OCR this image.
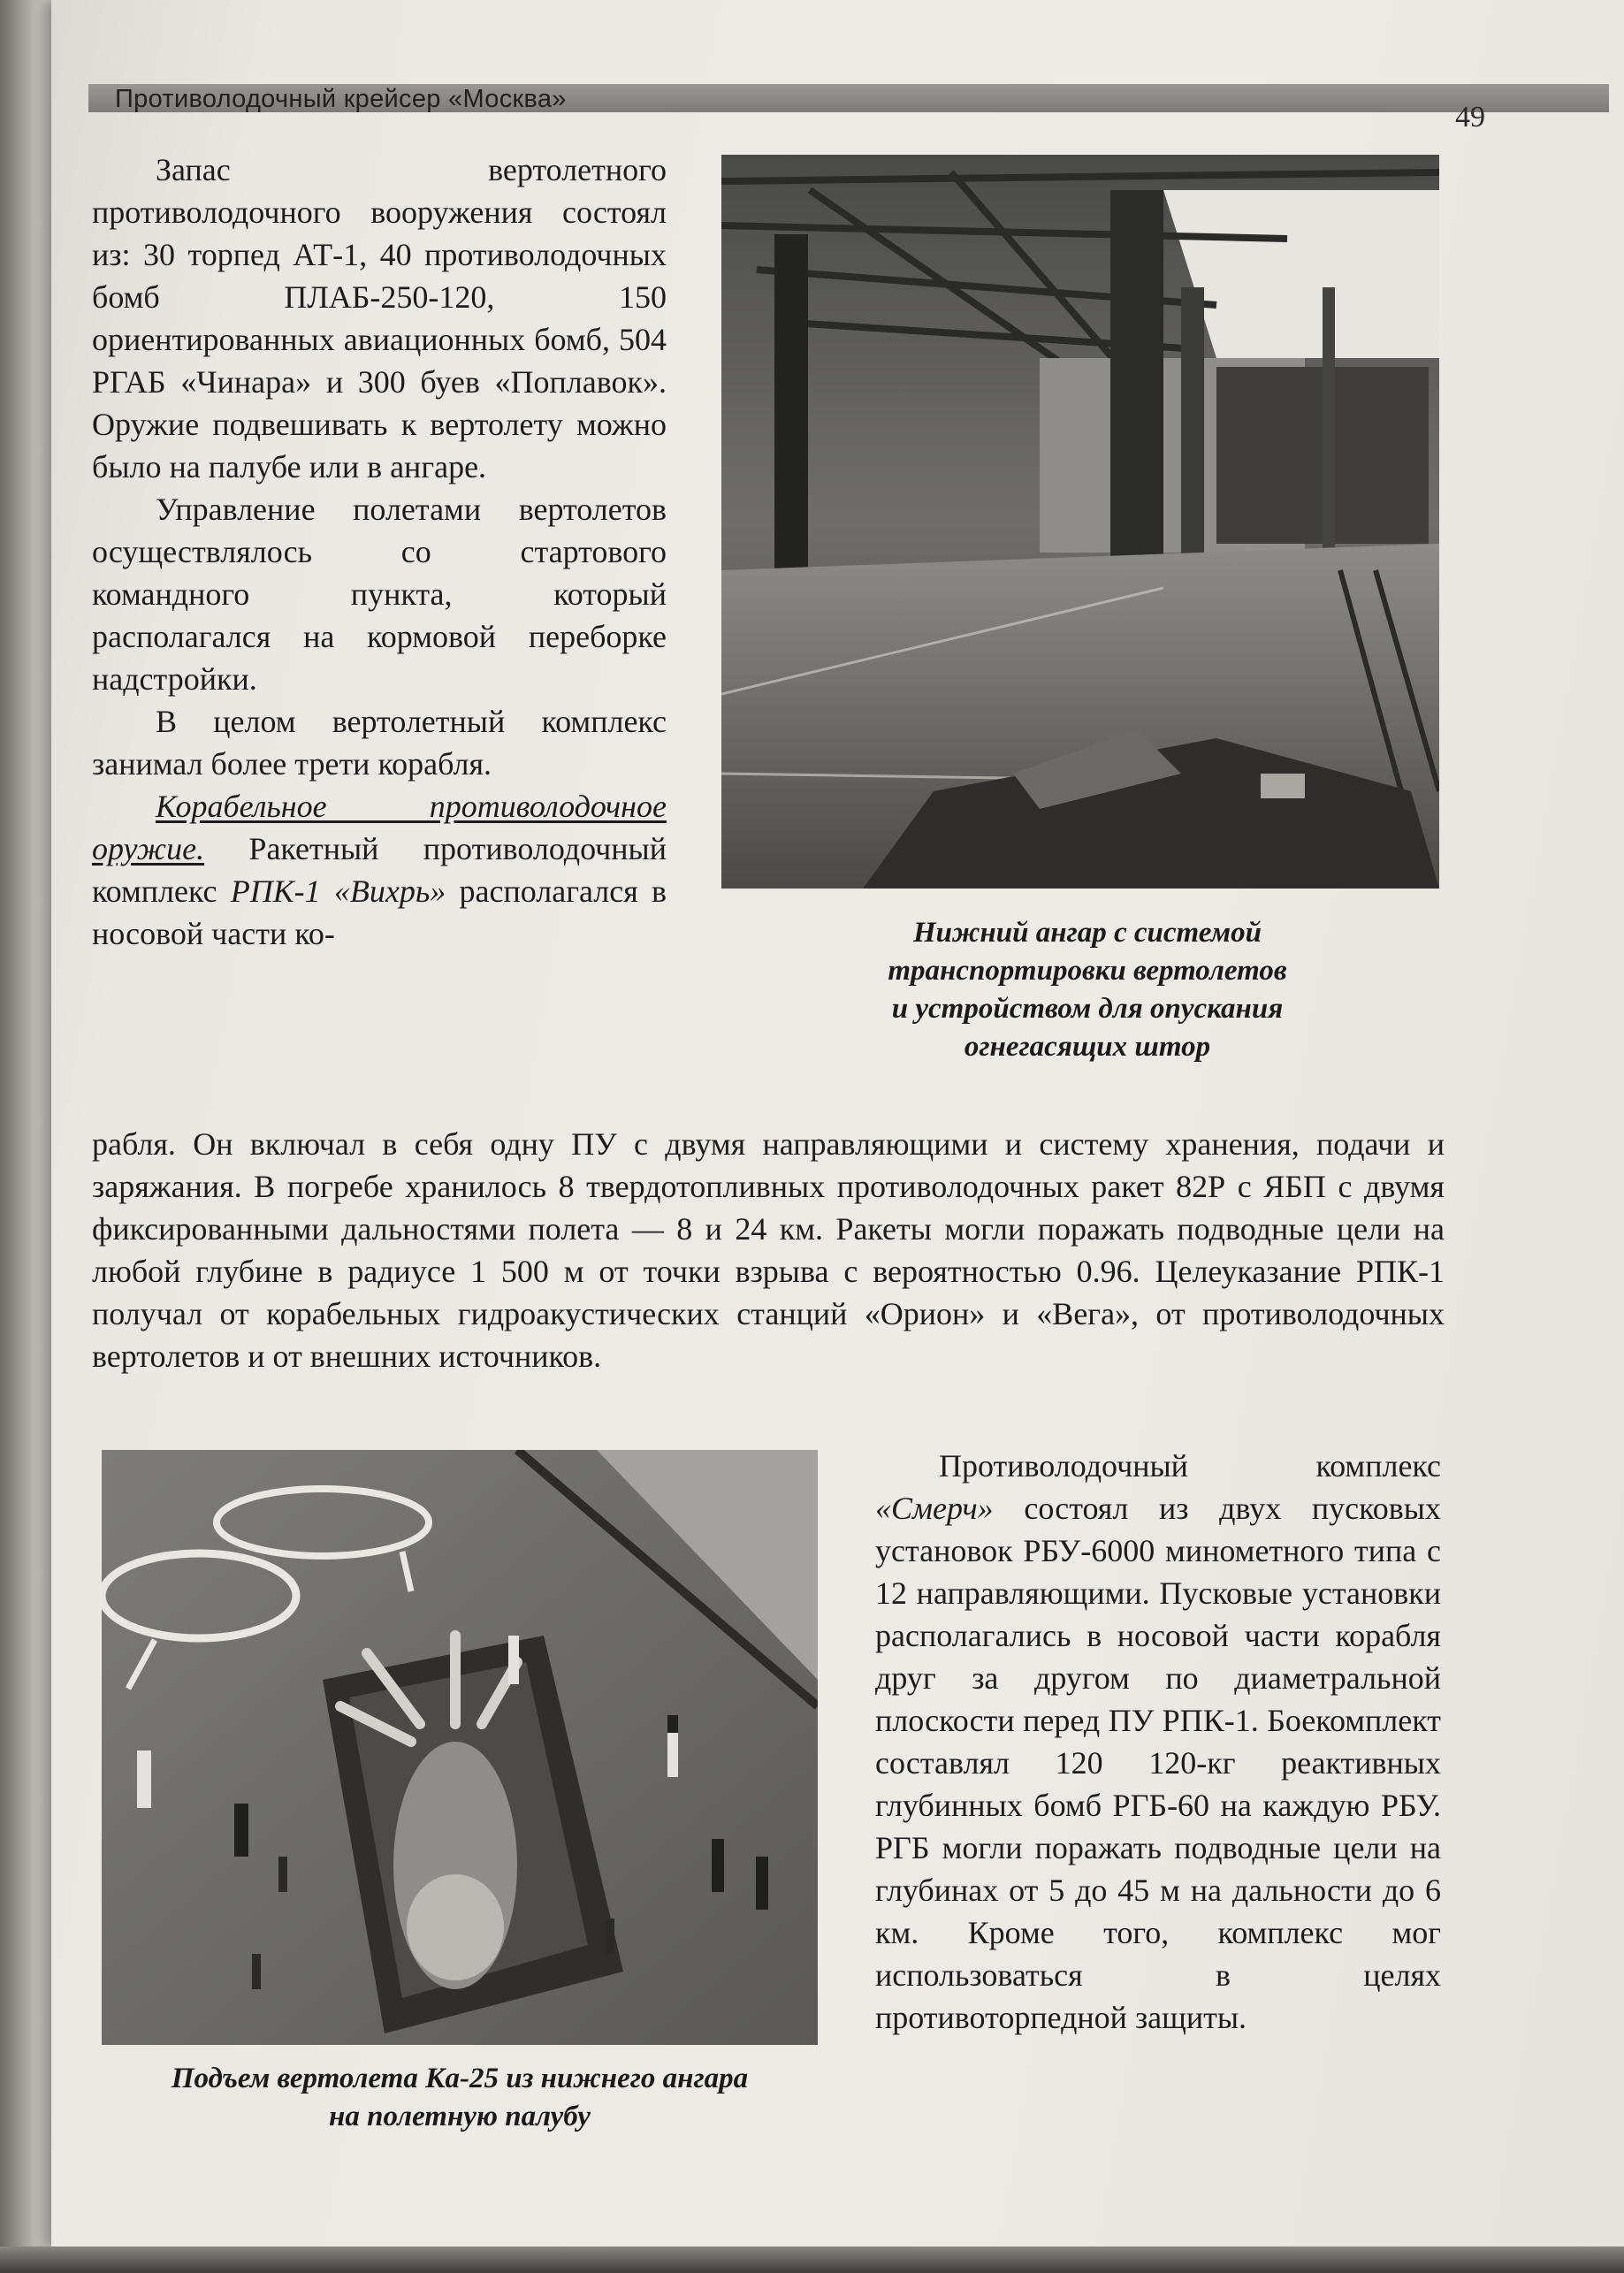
Противолодочный крейсер «Москва»
49

Запас вертолетного противолодочного вооружения состоял из: 30 торпед АТ-1, 40 противолодочных бомб ПЛАБ-250-120, 150 ориентированных авиационных бомб, 504 РГАБ «Чинара» и 300 буев «Поплавок». Оружие подвешивать к вертолету можно было на палубе или в ангаре.

Управление полетами вертолетов осуществлялось со стартового командного пункта, который располагался на кормовой переборке надстройки.

В целом вертолетный комплекс занимал более трети корабля.

Корабельное противолодочное оружие. Ракетный противолодочный комплекс РПК-1 «Вихрь» располагался в носовой части ко-

рабля. Он включал в себя одну ПУ с двумя направляющими и систему хранения, подачи и заряжания. В погребе хранилось 8 твердотопливных противолодочных ракет 82Р с ЯБП с двумя фиксированными дальностями полета — 8 и 24 км. Ракеты могли поражать подводные цели на любой глубине в радиусе 1 500 м от точки взрыва с вероятностью 0.96. Целеуказание РПК-1 получал от корабельных гидроакустических станций «Орион» и «Вега», от противолодочных вертолетов и от внешних источников.

Противолодочный комплекс «Смерч» состоял из двух пусковых установок РБУ-6000 минометного типа с 12 направляющими. Пусковые установки располагались в носовой части корабля друг за другом по диаметральной плоскости перед ПУ РПК-1. Боекомплект составлял 120 120-кг реактивных глубинных бомб РГБ-60 на каждую РБУ. РГБ могли поражать подводные цели на глубинах от 5 до 45 м на дальности до 6 км. Кроме того, комплекс мог использоваться в целях противоторпедной защиты.

Нижний ангар с системой
транспортировки вертолетов
и устройством для опускания
огнегасящих штор
Подъем вертолета Ка-25 из нижнего ангара
на полетную палубу
